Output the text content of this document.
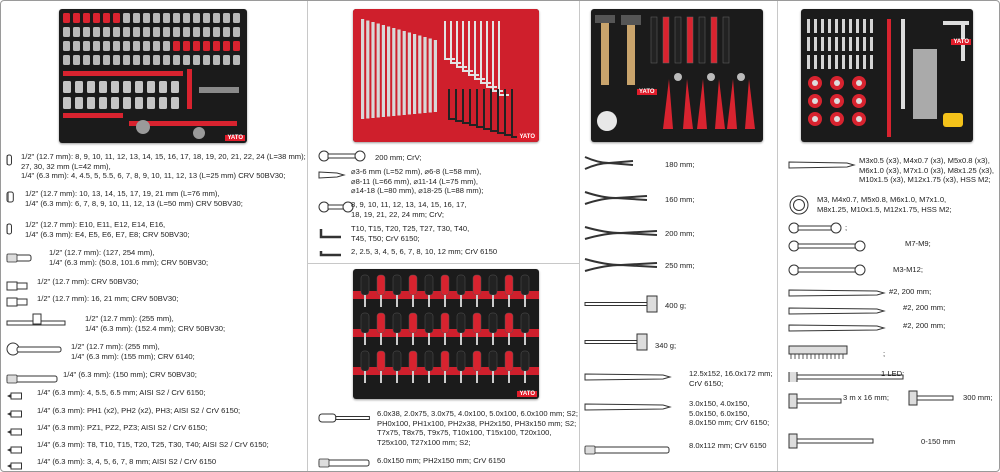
YATO
1/2" (12.7 mm): 8, 9, 10, 11, 12, 13, 14, 15, 16, 17, 18, 19, 20, 21, 22, 24 (L=38 mm);
27, 30, 32 mm (L=42 mm),
1/4" (6.3 mm): 4, 4.5, 5, 5.5, 6, 7, 8, 9, 10, 11, 12, 13 (L=25 mm) CRV 50BV30;
1/2" (12.7 mm): 10, 13, 14, 15, 17, 19, 21 mm (L=76 mm),
1/4" (6.3 mm): 6, 7, 8, 9, 10, 11, 12, 13 (L=50 mm) CRV 50BV30;
1/2" (12.7 mm): E10, E11, E12, E14, E16,
1/4" (6.3 mm): E4, E5, E6, E7, E8; CRV 50BV30;
1/2" (12.7 mm): (127, 254 mm),
1/4" (6.3 mm): (50.8, 101.6 mm); CRV 50BV30;
1/2" (12.7 mm): CRV 50BV30;
1/2" (12.7 mm): 16, 21 mm; CRV 50BV30;
1/2" (12.7 mm): (255 mm),
1/4" (6.3 mm): (152.4 mm); CRV 50BV30;
1/2" (12.7 mm): (255 mm),
1/4" (6.3 mm): (155 mm); CRV 6140;
1/4" (6.3 mm): (150 mm); CRV 50BV30;
1/4" (6.3 mm): 4, 5.5, 6.5 mm; AISI S2 / CrV 6150;
1/4" (6.3 mm): PH1 (x2), PH2 (x2), PH3; AISI S2 / CrV 6150;
1/4" (6.3 mm): PZ1, PZ2, PZ3; AISI S2 / CrV 6150;
1/4" (6.3 mm): T8, T10, T15, T20, T25, T30, T40; AISI S2 / CrV 6150;
1/4" (6.3 mm): 3, 4, 5, 6, 7, 8 mm; AISI S2 / CrV 6150
YATO
YATO
200 mm; CrV;
⌀3-6 mm (L=52 mm), ⌀6-8 (L=58 mm),
⌀8-11 (L=66 mm), ⌀11-14 (L=75 mm),
⌀14-18 (L=80 mm), ⌀18-25 (L=88 mm);
8, 9, 10, 11, 12, 13, 14, 15, 16, 17,
18, 19, 21, 22, 24 mm; CrV;
T10, T15, T20, T25, T27, T30, T40,
T45, T50; CrV 6150;
2, 2.5, 3, 4, 5, 6, 7, 8, 10, 12 mm; CrV 6150
6.0x38, 2.0x75, 3.0x75, 4.0x100, 5.0x100, 6.0x100 mm; S2;
PH0x100, PH1x100, PH2x38, PH2x150, PH3x150 mm; S2;
T7x75, T8x75, T9x75, T10x100, T15x100, T20x100,
T25x100, T27x100 mm; S2;
6.0x150 mm; PH2x150 mm; CrV 6150
YATO
180 mm;
160 mm;
200 mm;
250 mm;
400 g;
340 g;
12.5x152, 16.0x172 mm;
CrV 6150;
3.0x150, 4.0x150,
5.0x150, 6.0x150,
8.0x150 mm; CrV 6150;
8.0x112 mm; CrV 6150
YATO
M3x0.5 (x3), M4x0.7 (x3), M5x0.8 (x3),
M6x1.0 (x3), M7x1.0 (x3), M8x1.25 (x3),
M10x1.5 (x3), M12x1.75 (x3), HSS M2;
M3, M4x0.7, M5x0.8, M6x1.0, M7x1.0,
M8x1.25, M10x1.5, M12x1.75, HSS M2;
;
M7-M9;
M3-M12;
#2, 200 mm;
#2, 200 mm;
#2, 200 mm;
;
1 LED;
3 m x 16 mm;	300 mm;
0-150 mm
